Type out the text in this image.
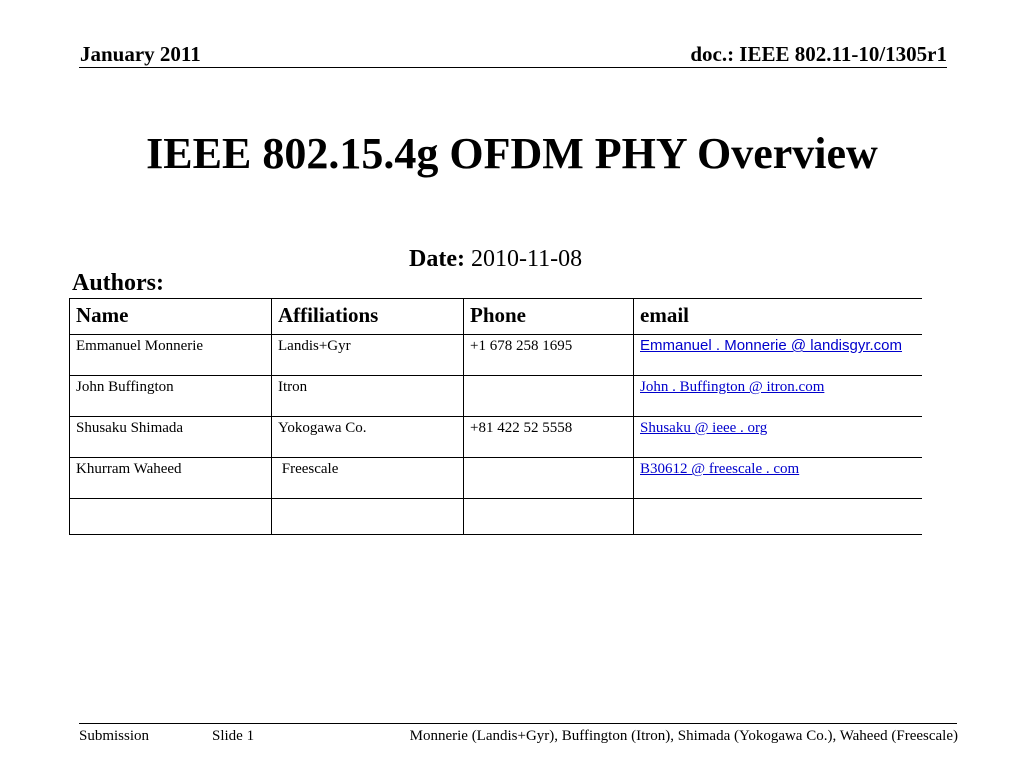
January 2011	doc.: IEEE 802.11-10/1305r1
IEEE 802.15.4g OFDM PHY Overview
Date: 2010-11-08
Authors:
Name	Affiliations	Phone	email
Emmanuel Monnerie	Landis+Gyr	+1 678 258 1695	Emmanuel . Monnerie @ landisgyr.com
John Buffington	Itron		John . Buffington @ itron.com
Shusaku Shimada	Yokogawa Co.	+81 422 52 5558	Shusaku @ ieee . org
Khurram Waheed	Freescale		B30612 @ freescale . com

Submission	Slide 1	Monnerie (Landis+Gyr), Buffington (Itron), Shimada (Yokogawa Co.), Waheed (Freescale)
